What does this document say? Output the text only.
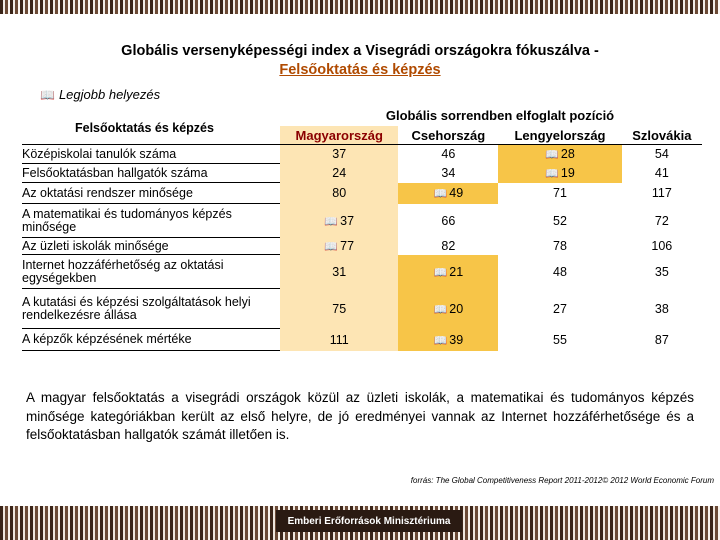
Globális versenyképességi index a Visegrádi országokra fókuszálva -
Felsőoktatás és képzés
📖 Legjobb helyezés
Globális sorrendben elfoglalt pozíció
Felsőoktatás és képzés
		Magyarország	Csehország	Lengyelország	Szlovákia
Középiskolai tanulók száma	37	46	📖 28	54
Felsőoktatásban hallgatók száma	24	34	📖 19	41
Az oktatási rendszer minősége	80	📖 49	71	117
A matematikai és tudományos képzés minősége	📖 37	66	52	72
Az üzleti iskolák minősége	📖 77	82	78	106
Internet hozzáférhetőség az oktatási egységekben	31	📖 21	48	35
A kutatási és képzési szolgáltatások helyi rendelkezésre állása	75	📖 20	27	38
A képzők képzésének mértéke	111	📖 39	55	87
A magyar felsőoktatás a visegrádi országok közül az üzleti iskolák, a matematikai és tudományos képzés minősége kategóriákban került az első helyre, de jó eredményei vannak az Internet hozzáférhetősége és a felsőoktatásban hallgatók számát illetően is.
forrás: The Global Competitiveness Report 2011-2012© 2012 World Economic Forum
Emberi Erőforrások Minisztériuma
